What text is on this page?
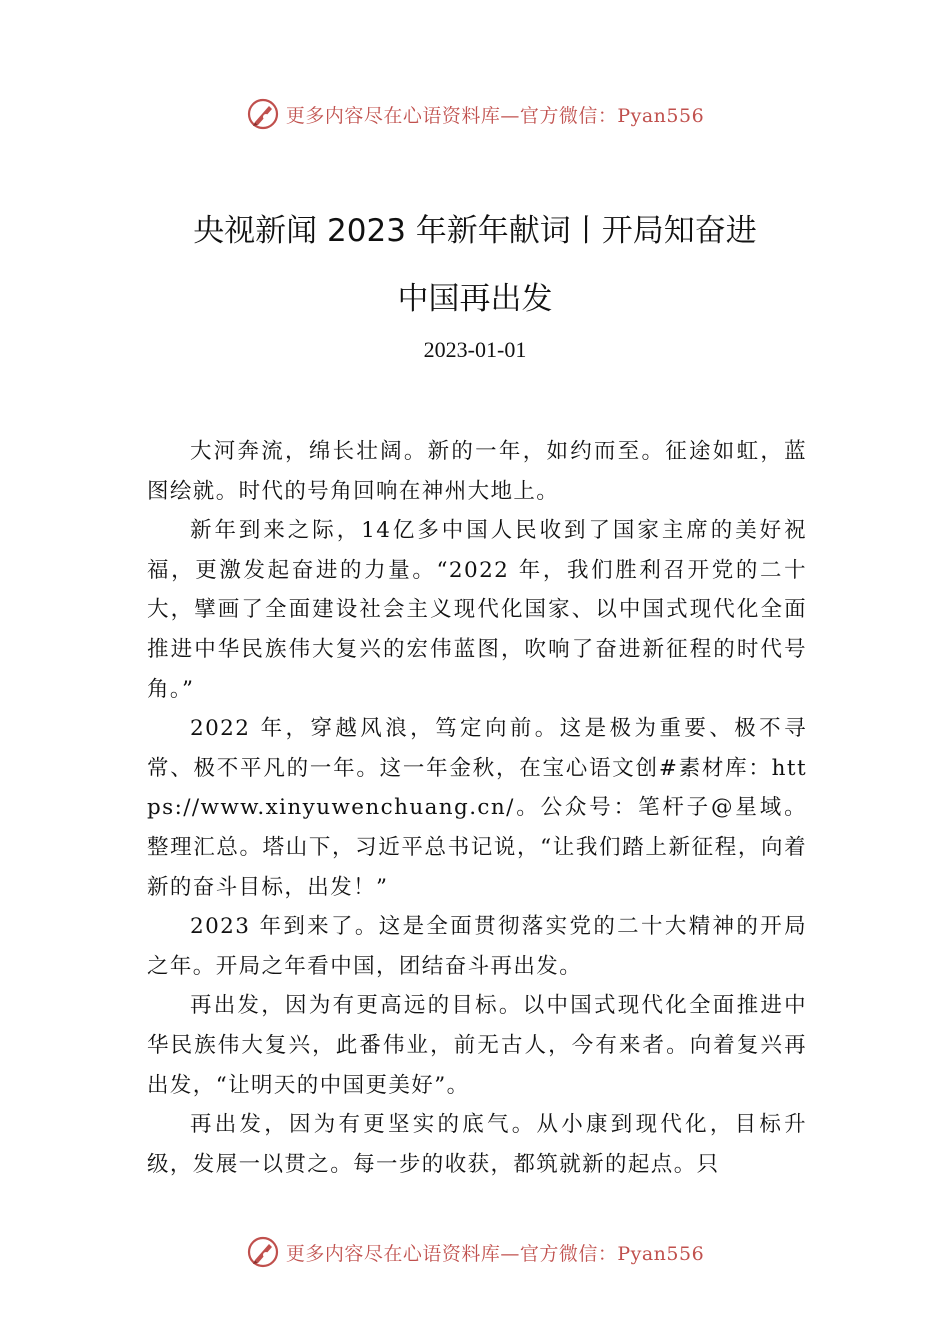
更多内容尽在心语资料库—官方微信：Pyan556
央视新闻 2023 年新年献词丨开局知奋进
中国再出发
2023-01-01

大河奔流，绵长壮阔。新的一年，如约而至。征途如虹，蓝图绘就。时代的号角回响在神州大地上。

新年到来之际，14亿多中国人民收到了国家主席的美好祝福，更激发起奋进的力量。“2022 年，我们胜利召开党的二十大，擘画了全面建设社会主义现代化国家、以中国式现代化全面推进中华民族伟大复兴的宏伟蓝图，吹响了奋进新征程的时代号角。”

2022 年，穿越风浪，笃定向前。这是极为重要、极不寻常、极不平凡的一年。这一年金秋，在宝心语文创#素材库：https://www.xinyuwenchuang.cn/。公众号：笔杆子@星域。整理汇总。塔山下，习近平总书记说，“让我们踏上新征程，向着新的奋斗目标，出发！”

2023 年到来了。这是全面贯彻落实党的二十大精神的开局之年。开局之年看中国，团结奋斗再出发。

再出发，因为有更高远的目标。以中国式现代化全面推进中华民族伟大复兴，此番伟业，前无古人，今有来者。向着复兴再出发，“让明天的中国更美好”。

再出发，因为有更坚实的底气。从小康到现代化，目标升级，发展一以贯之。每一步的收获，都筑就新的起点。只

更多内容尽在心语资料库—官方微信：Pyan556
